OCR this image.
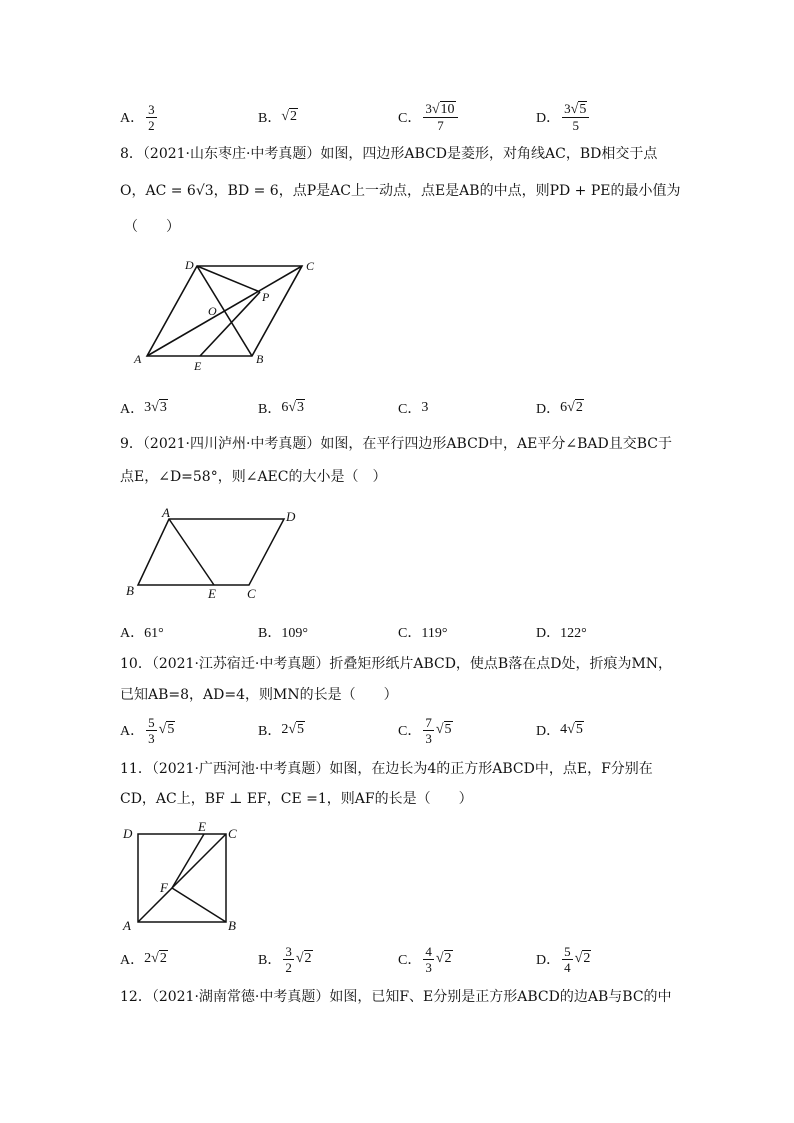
A． $\frac{3}{2}$	B． √2	C． $\frac{3√10}{7}$	D． $\frac{3√5}{5}$
8．（2021·山东枣庄·中考真题）如图，四边形ABCD是菱形，对角线AC，BD相交于点
O，AC = 6√3，BD = 6，点P是AC上一动点，点E是AB的中点，则PD + PE的最小值为
（　　）
D	C
P
O
A	E	B
A． 3√3	B． 6√3	C． 3	D． 6√2
9．（2021·四川泸州·中考真题）如图，在平行四边形ABCD中，AE平分∠BAD且交BC于
点E，∠D=58°，则∠AEC的大小是（　）
A	D
B	E C
A．61°	B．109°	C．119°	D．122°
10．（2021·江苏宿迁·中考真题）折叠矩形纸片ABCD，使点B落在点D处，折痕为MN，
已知AB=8，AD=4，则MN的长是（　　）
A． $\frac{5}{3} √5$	B． 2√5	C． $\frac{7}{3} √5$	D． 4√5
11．（2021·广西河池·中考真题）如图，在边长为4的正方形ABCD中，点E，F分别在
CD，AC上，BF ⊥ EF，CE =1，则AF的长是（　　）
D	E C
F
A	B
A． 2√2	B． $\frac{3}{2} √2$	C． $\frac{4}{3} √2$	D． $\frac{5}{4} √2$
12．（2021·湖南常德·中考真题）如图，已知F、E分别是正方形ABCD的边AB与BC的中
